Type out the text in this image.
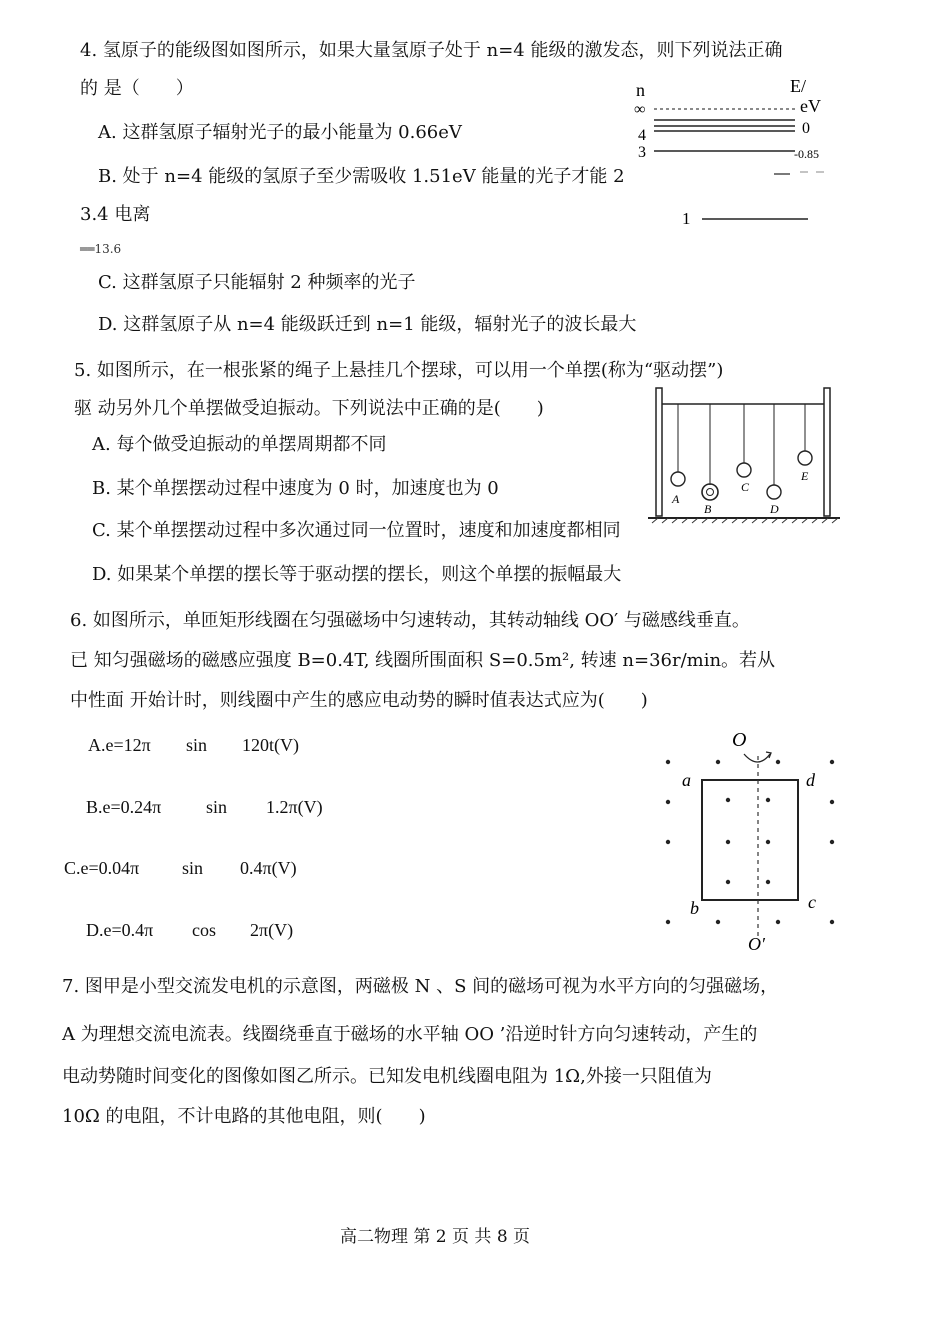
4. 氢原子的能级图如图所示，如果大量氢原子处于 n=4 能级的激发态，则下列说法正确
的 是（　　）
A. 这群氢原子辐射光子的最小能量为 0.66eV
B. 处于 n=4 能级的氢原子至少需吸收 1.51eV 能量的光子才能 2
3.4 电离
══13.6
C. 这群氢原子只能辐射 2 种频率的光子
D. 这群氢原子从 n=4 能级跃迁到 n=1 能级，辐射光子的波长最大
n	E/
eV
∞
4
3
0
-0.85
1
5. 如图所示，在一根张紧的绳子上悬挂几个摆球，可以用一个单摆(称为“驱动摆”)
驱 动另外几个单摆做受迫振动。下列说法中正确的是(　　)
A. 每个做受迫振动的单摆周期都不同
B. 某个单摆摆动过程中速度为 0 时，加速度也为 0
C. 某个单摆摆动过程中多次通过同一位置时，速度和加速度都相同
D. 如果某个单摆的摆长等于驱动摆的摆长，则这个单摆的振幅最大
A
B
C
D
E
6. 如图所示，单匝矩形线圈在匀强磁场中匀速转动，其转动轴线 OO′ 与磁感线垂直。
已 知匀强磁场的磁感应强度 B=0.4T, 线圈所围面积 S=0.5m², 转速 n=36r/min。若从
中性面 开始计时，则线圈中产生的感应电动势的瞬时值表达式应为(　　)
A.e=12π sin 120t(V)
B.e=0.24π sin 1.2π(V)
C.e=0.04π sin 0.4π(V)
D.e=0.4π cos 2π(V)
O
O′
a	d
b	c
7. 图甲是小型交流发电机的示意图，两磁极 N 、S 间的磁场可视为水平方向的匀强磁场，
A 为理想交流电流表。线圈绕垂直于磁场的水平轴 OO ’沿逆时针方向匀速转动，产生的
电动势随时间变化的图像如图乙所示。已知发电机线圈电阻为 1Ω,外接一只阻值为
10Ω 的电阻，不计电路的其他电阻，则(　　)
高二物理 第 2 页 共 8 页
